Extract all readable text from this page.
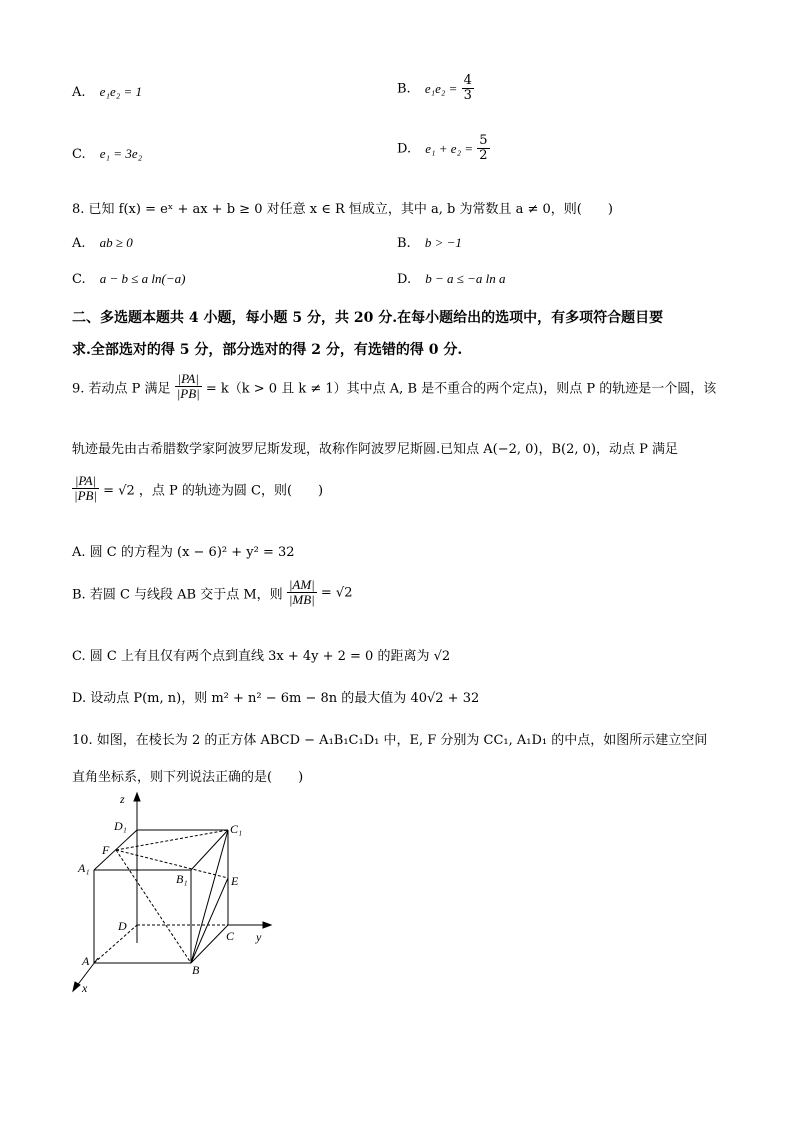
A. e₁e₂ = 1	B. $e_1e_2 = \frac{4}{3}$
C. e₁ = 3e₂	D. $e_1 + e_2 = \frac{5}{2}$
8. 已知 f(x) = eˣ + ax + b ≥ 0 对任意 x ∈ R 恒成立，其中 a, b 为常数且 a ≠ 0，则(　　)
A. ab ≥ 0	B. b > −1
C. a − b ≤ a ln(−a)	D. b − a ≤ −a ln a
二、多选题本题共 4 小题，每小题 5 分，共 20 分.在每小题给出的选项中，有多项符合题目要
求.全部选对的得 5 分，部分选对的得 2 分，有选错的得 0 分.
9. 若动点 P 满足 $\frac{|PA|}{|PB|} = k(k > 0$ 且 k ≠ 1）其中点 A, B 是不重合的两个定点)，则点 P 的轨迹是一个圆，该
轨迹最先由古希腊数学家阿波罗尼斯发现，故称作阿波罗尼斯圆.已知点 A(−2, 0)，B(2, 0)，动点 P 满足
$\frac{|PA|}{|PB|} = √2$ ，点 P 的轨迹为圆 C，则(　　)
A. 圆 C 的方程为 (x − 6)² + y² = 32
B. 若圆 C 与线段 AB 交于点 M，则 $\frac{|AM|}{|MB|} = √2$
C. 圆 C 上有且仅有两个点到直线 3x + 4y + 2 = 0 的距离为 √2
D. 设动点 P(m, n)，则 m² + n² − 6m − 8n 的最大值为 40√2 + 32
10. 如图，在棱长为 2 的正方体 ABCD − A₁B₁C₁D₁ 中，E, F 分别为 CC₁, A₁D₁ 的中点，如图所示建立空间
直角坐标系，则下列说法正确的是(　　)
z
D₁	C₁
F
A₁
B₁	E
D
C y
A
B
x
